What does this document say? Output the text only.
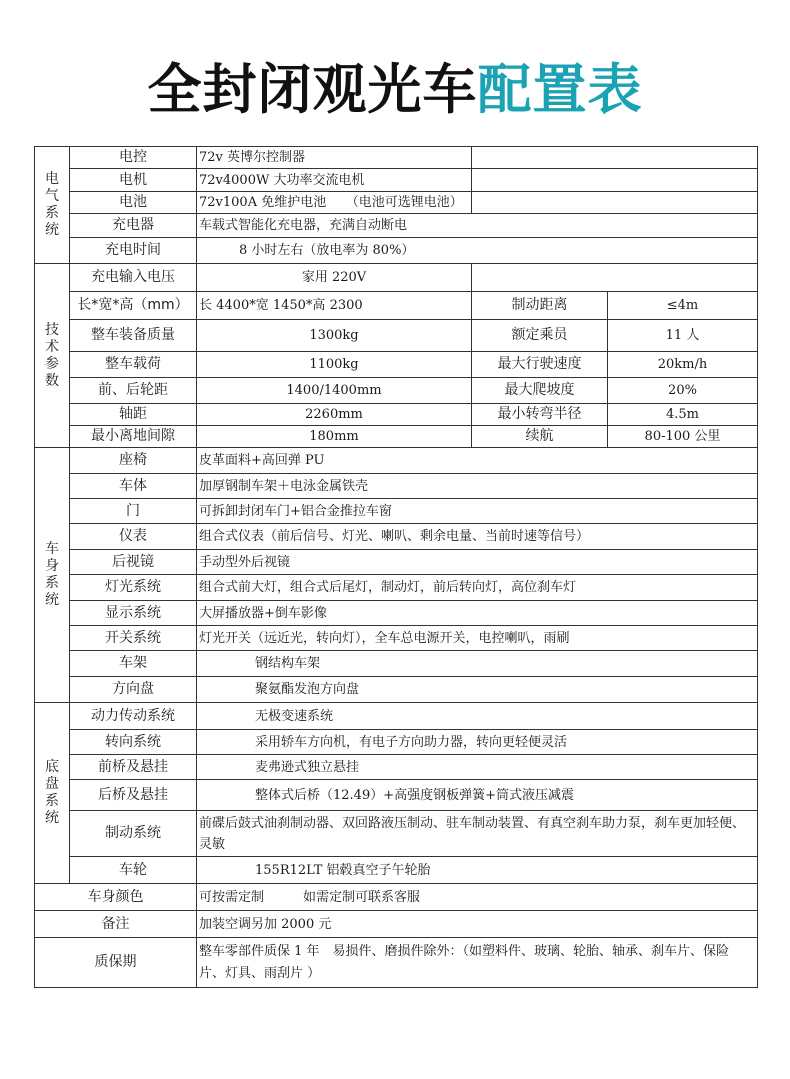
全封闭观光车配置表
电气系统	电控	72v 英博尔控制器		
	电机	72v4000W 大功率交流电机		
	电池	72v100A 免维护电池　　（电池可选锂电池）		
	充电器	车载式智能化充电器，充满自动断电		
	充电时间	8 小时左右（放电率为 80%）		

技术参数	充电输入电压	家用 220V		
	长*宽*高（mm）	长 4400*宽 1450*高 2300	制动距离	≤4m
	整车装备质量	1300kg	额定乘员	11 人
	整车载荷	1100kg	最大行驶速度	20km/h
	前、后轮距	1400/1400mm	最大爬坡度	20%
	轴距	2260mm	最小转弯半径	4.5m
	最小离地间隙	180mm	续航	80-100 公里

车身系统	座椅	皮革面料+高回弹 PU		
	车体	加厚钢制车架＋电泳金属铁壳		
	门	可拆卸封闭车门+铝合金推拉车窗		
	仪表	组合式仪表（前后信号、灯光、喇叭、剩余电量、当前时速等信号）		
	后视镜	手动型外后视镜		
	灯光系统	组合式前大灯，组合式后尾灯，制动灯，前后转向灯，高位刹车灯		
	显示系统	大屏播放器+倒车影像		
	开关系统	灯光开关（远近光，转向灯），全车总电源开关，电控喇叭，雨刷		
	车架	钢结构车架		
	方向盘	聚氨酯发泡方向盘		

底盘系统	动力传动系统	无极变速系统		
	转向系统	采用轿车方向机，有电子方向助力器，转向更轻便灵活		
	前桥及悬挂	麦弗逊式独立悬挂		
	后桥及悬挂	整体式后桥（12.49）+高强度钢板弹簧+筒式液压减震		
	制动系统	前碟后鼓式油刹制动器、双回路液压制动、驻车制动装置、有真空刹车助力泵，刹车更加轻便、灵敏		
	车轮	155R12LT 铝毂真空子午轮胎		
车身颜色		可按需定制　　　如需定制可联系客服		
备注		加装空调另加 2000 元		
质保期		整车零部件质保 1 年　易损件、磨损件除外：（如塑料件、玻璃、轮胎、轴承、刹车片、保险片、灯具、雨刮片 ）		
